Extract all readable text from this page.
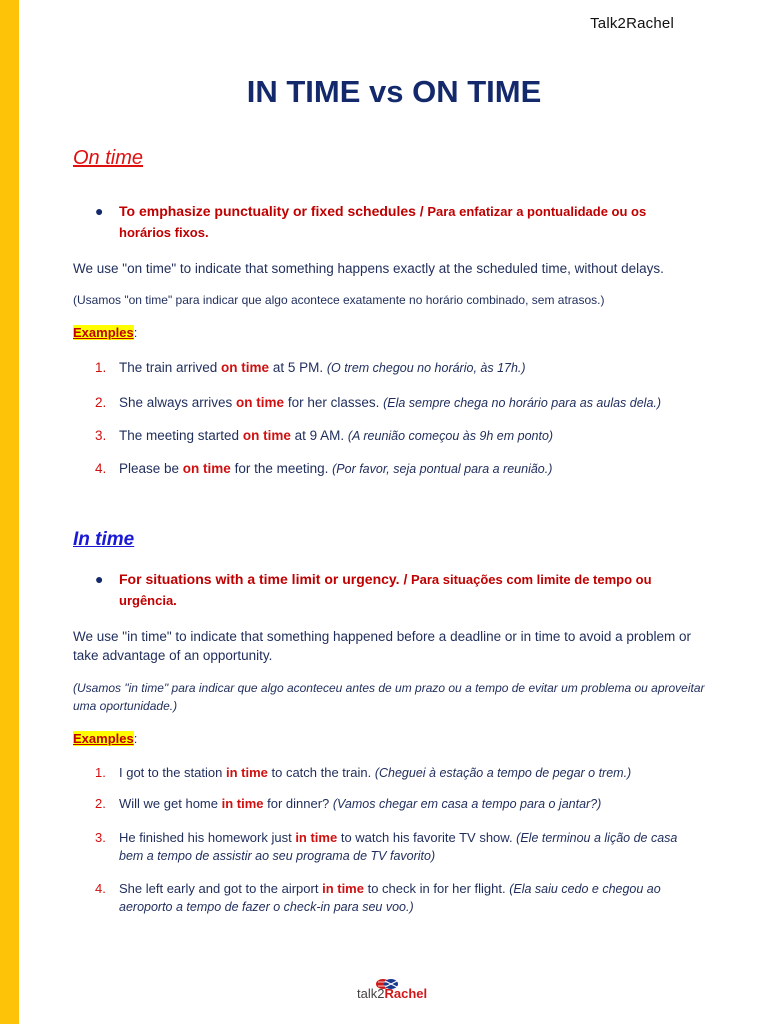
Talk2Rachel
IN TIME vs ON TIME
On time
● To emphasize punctuality or fixed schedules / Para enfatizar a pontualidade ou os horários fixos.

We use "on time" to indicate that something happens exactly at the scheduled time, without delays.

(Usamos "on time" para indicar que algo acontece exatamente no horário combinado, sem atrasos.)

Examples:
1. The train arrived on time at 5 PM. (O trem chegou no horário, às 17h.)
2. She always arrives on time for her classes. (Ela sempre chega no horário para as aulas dela.)
3. The meeting started on time at 9 AM. (A reunião começou às 9h em ponto)
4. Please be on time for the meeting. (Por favor, seja pontual para a reunião.)
In time
● For situations with a time limit or urgency. / Para situações com limite de tempo ou urgência.

We use "in time" to indicate that something happened before a deadline or in time to avoid a problem or take advantage of an opportunity.

(Usamos "in time" para indicar que algo aconteceu antes de um prazo ou a tempo de evitar um problema ou aproveitar uma oportunidade.)

Examples:
1. I got to the station in time to catch the train. (Cheguei à estação a tempo de pegar o trem.)
2. Will we get home in time for dinner? (Vamos chegar em casa a tempo para o jantar?)
3. He finished his homework just in time to watch his favorite TV show. (Ele terminou a lição de casa bem a tempo de assistir ao seu programa de TV favorito)
4. She left early and got to the airport in time to check in for her flight. (Ela saiu cedo e chegou ao aeroporto a tempo de fazer o check-in para seu voo.)
talk2Rachel
